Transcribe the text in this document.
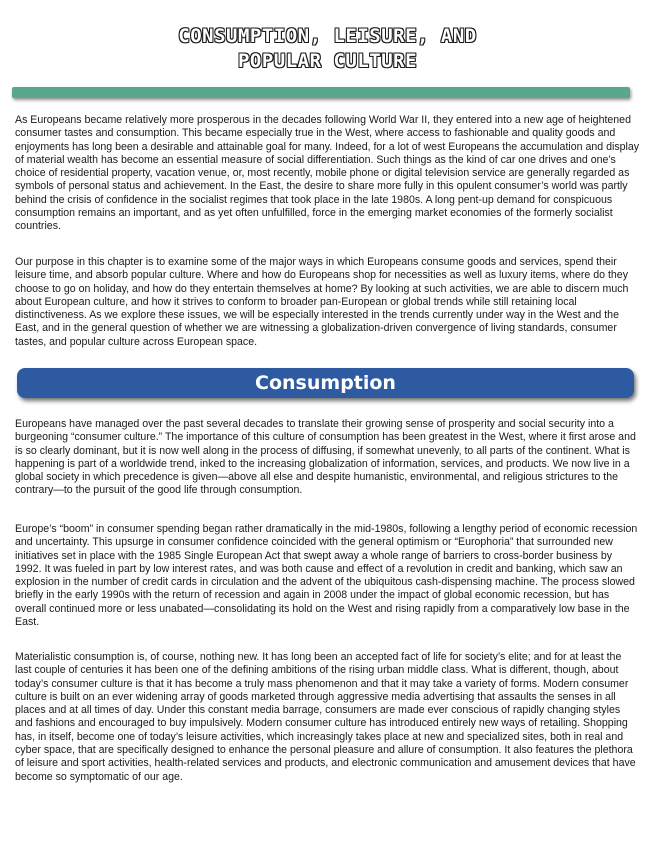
CONSUMPTION, LEISURE, AND
POPULAR CULTURE

As Europeans became relatively more prosperous in the decades following World War II, they entered into a new age of heightened consumer tastes and consumption. This became especially true in the West, where access to fashionable and quality goods and enjoyments has long been a desirable and attainable goal for many. Indeed, for a lot of west Europeans the accumulation and display of material wealth has become an essential measure of social differentiation. Such things as the kind of car one drives and one’s choice of residential property, vacation venue, or, most recently, mobile phone or digital television service are generally regarded as symbols of personal status and achievement. In the East, the desire to share more fully in this opulent consumer’s world was partly behind the crisis of confidence in the socialist regimes that took place in the late 1980s. A long pent-up demand for conspicuous consumption remains an important, and as yet often unfulfilled, force in the emerging market economies of the formerly socialist countries.

Our purpose in this chapter is to examine some of the major ways in which Europeans consume goods and services, spend their leisure time, and absorb popular culture. Where and how do Europeans shop for necessities as well as luxury items, where do they choose to go on holiday, and how do they entertain themselves at home? By looking at such activities, we are able to discern much about European culture, and how it strives to conform to broader pan-European or global trends while still retaining local distinctiveness. As we explore these issues, we will be especially interested in the trends currently under way in the West and the East, and in the general question of whether we are witnessing a globalization-driven convergence of living standards, consumer tastes, and popular culture across European space.

Consumption

Europeans have managed over the past several decades to translate their growing sense of prosperity and social security into a burgeoning “consumer culture.” The importance of this culture of consumption has been greatest in the West, where it first arose and is so clearly dominant, but it is now well along in the process of diffusing, if somewhat unevenly, to all parts of the continent. What is happening is part of a worldwide trend, inked to the increasing globalization of information, services, and products. We now live in a global society in which precedence is given—above all else and despite humanistic, environmental, and religious strictures to the contrary—to the pursuit of the good life through consumption.

Europe’s “boom” in consumer spending began rather dramatically in the mid-1980s, following a lengthy period of economic recession and uncertainty. This upsurge in consumer confidence coincided with the general optimism or “Europhoria” that surrounded new initiatives set in place with the 1985 Single European Act that swept away a whole range of barriers to cross-border business by 1992. It was fueled in part by low interest rates, and was both cause and effect of a revolution in credit and banking, which saw an explosion in the number of credit cards in circulation and the advent of the ubiquitous cash-dispensing machine. The process slowed briefly in the early 1990s with the return of recession and again in 2008 under the impact of global economic recession, but has overall continued more or less unabated—consolidating its hold on the West and rising rapidly from a comparatively low base in the East.

Materialistic consumption is, of course, nothing new. It has long been an accepted fact of life for society’s elite; and for at least the last couple of centuries it has been one of the defining ambitions of the rising urban middle class. What is different, though, about today’s consumer culture is that it has become a truly mass phenomenon and that it may take a variety of forms. Modern consumer culture is built on an ever widening array of goods marketed through aggressive media advertising that assaults the senses in all places and at all times of day. Under this constant media barrage, consumers are made ever conscious of rapidly changing styles and fashions and encouraged to buy impulsively. Modern consumer culture has introduced entirely new ways of retailing. Shopping has, in itself, become one of today’s leisure activities, which increasingly takes place at new and specialized sites, both in real and cyber space, that are specifically designed to enhance the personal pleasure and allure of consumption. It also features the plethora of leisure and sport activities, health-related services and products, and electronic communication and amusement devices that have become so symptomatic of our age.
